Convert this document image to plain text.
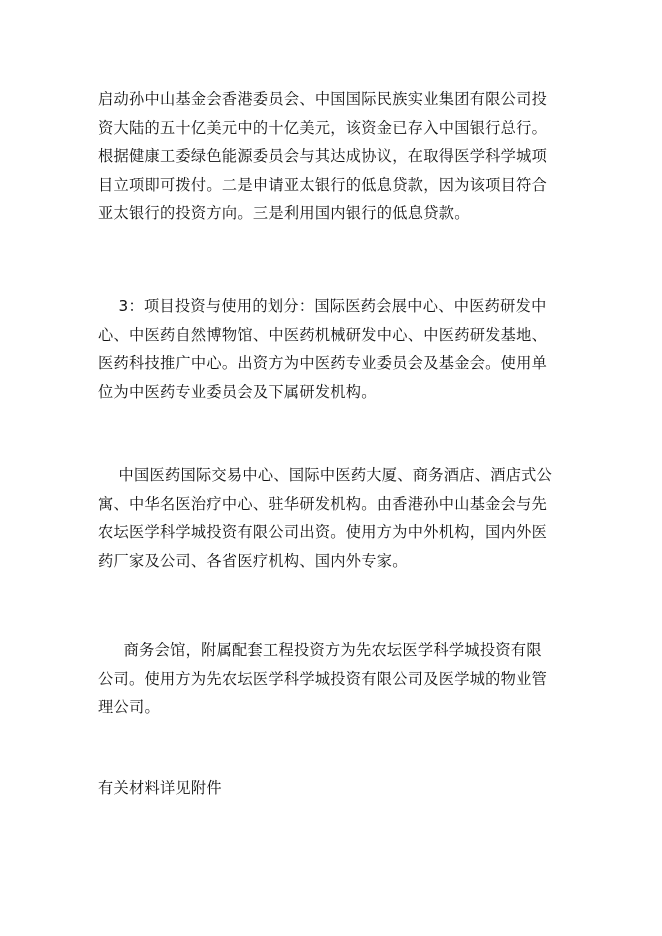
启动孙中山基金会香港委员会、中国国际民族实业集团有限公司投
资大陆的五十亿美元中的十亿美元，该资金已存入中国银行总行。
根据健康工委绿色能源委员会与其达成协议，在取得医学科学城项
目立项即可拨付。二是申请亚太银行的低息贷款，因为该项目符合
亚太银行的投资方向。三是利用国内银行的低息贷款。

3：项目投资与使用的划分：国际医药会展中心、中医药研发中
心、中医药自然博物馆、中医药机械研发中心、中医药研发基地、
医药科技推广中心。出资方为中医药专业委员会及基金会。使用单
位为中医药专业委员会及下属研发机构。

中国医药国际交易中心、国际中医药大厦、商务酒店、酒店式公
寓、中华名医治疗中心、驻华研发机构。由香港孙中山基金会与先
农坛医学科学城投资有限公司出资。使用方为中外机构，国内外医
药厂家及公司、各省医疗机构、国内外专家。

商务会馆，附属配套工程投资方为先农坛医学科学城投资有限
公司。使用方为先农坛医学科学城投资有限公司及医学城的物业管
理公司。

有关材料详见附件
